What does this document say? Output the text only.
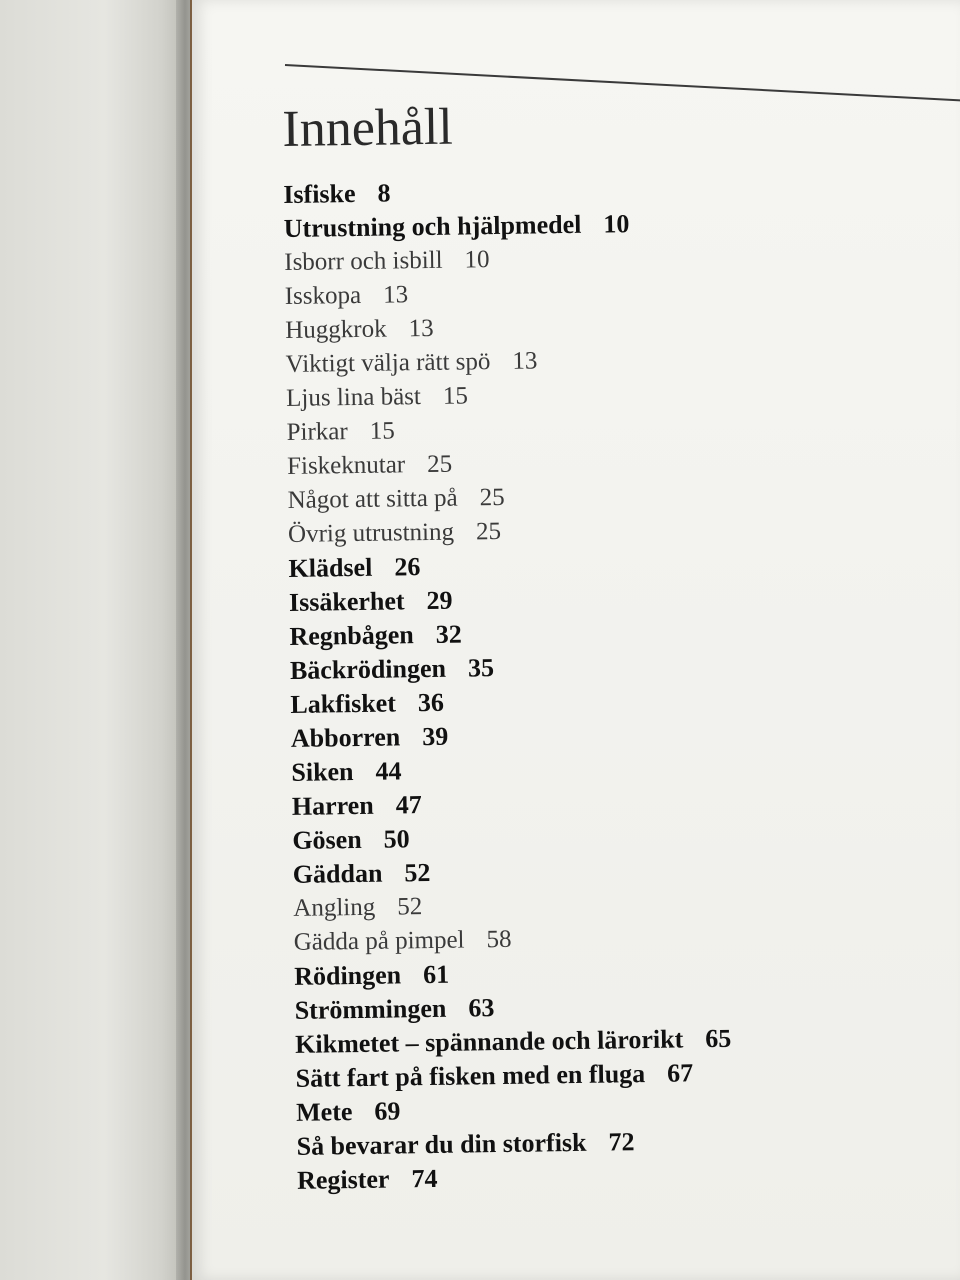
Innehåll
Isfiske 8
Utrustning och hjälpmedel 10
Isborr och isbill 10
Isskopa 13
Huggkrok 13
Viktigt välja rätt spö 13
Ljus lina bäst 15
Pirkar 15
Fiskeknutar 25
Något att sitta på 25
Övrig utrustning 25
Klädsel 26
Issäkerhet 29
Regnbågen 32
Bäckrödingen 35
Lakfisket 36
Abborren 39
Siken 44
Harren 47
Gösen 50
Gäddan 52
Angling 52
Gädda på pimpel 58
Rödingen 61
Strömmingen 63
Kikmetet – spännande och lärorikt 65
Sätt fart på fisken med en fluga 67
Mete 69
Så bevarar du din storfisk 72
Register 74
